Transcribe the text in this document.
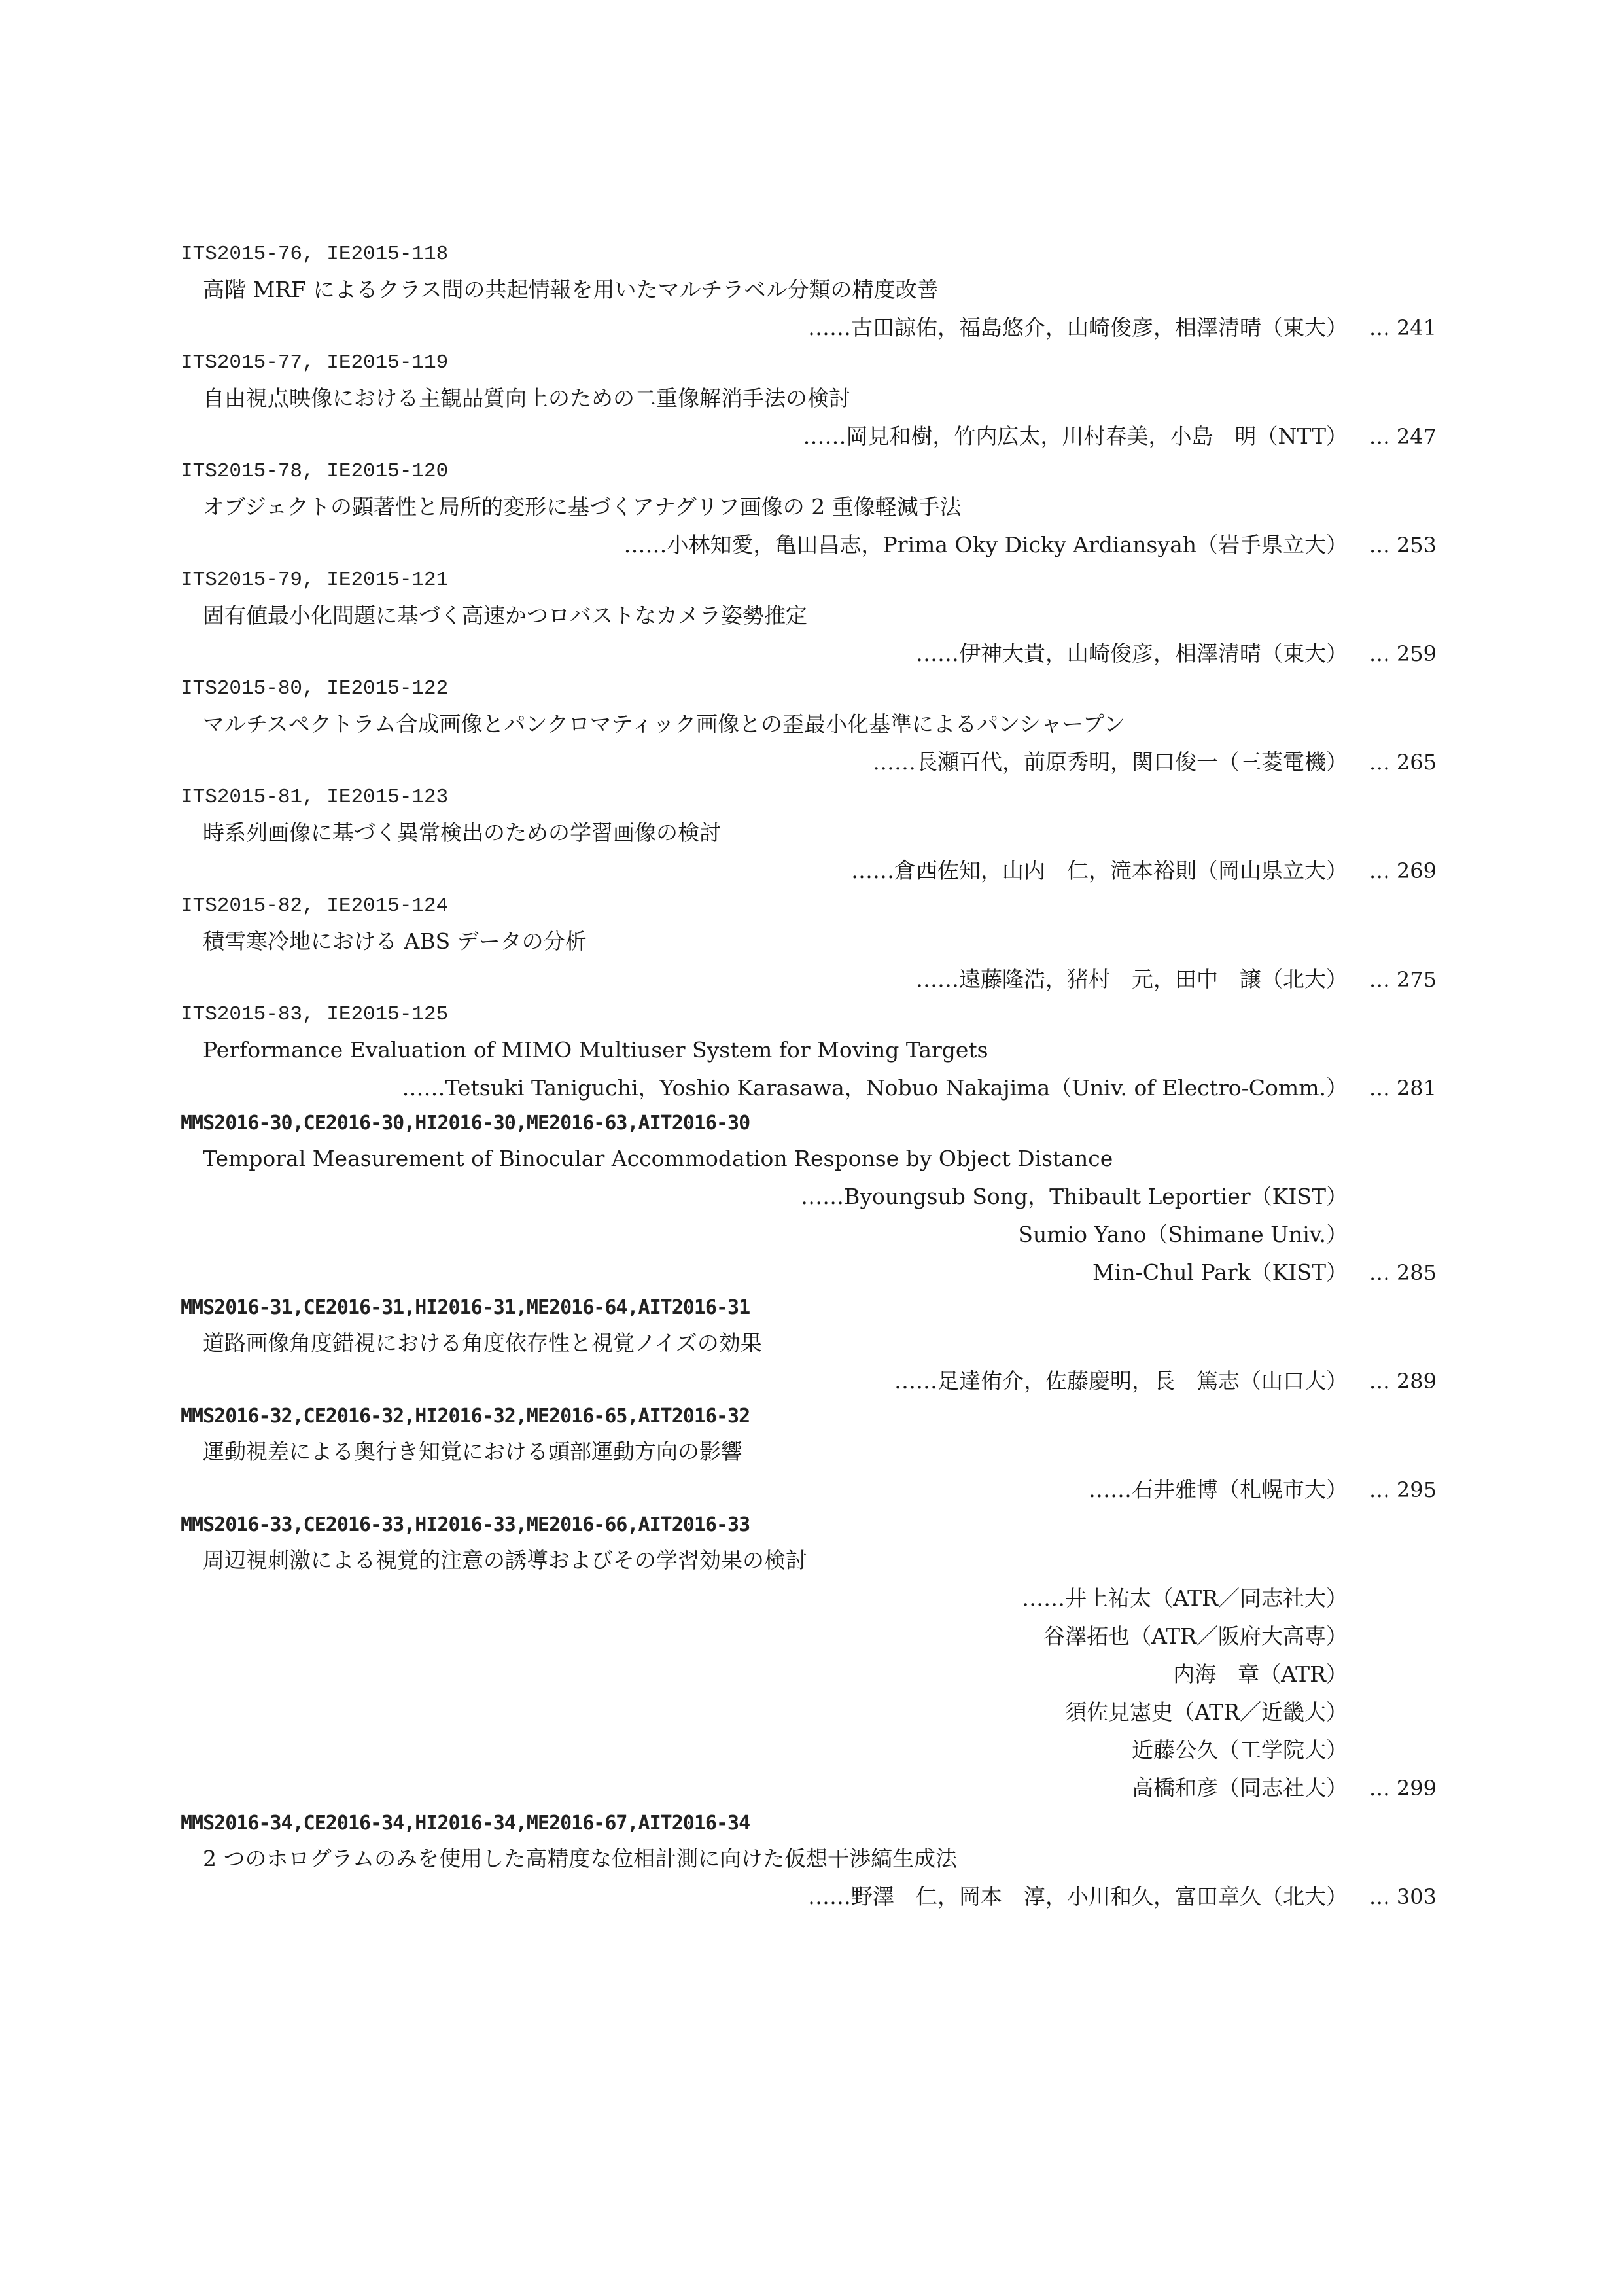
ITS2015-76, IE2015-118
高階 MRF によるクラス間の共起情報を用いたマルチラベル分類の精度改善
……古田諒佑，福島悠介，山崎俊彦，相澤清晴（東大）	… 241
ITS2015-77, IE2015-119
自由視点映像における主観品質向上のための二重像解消手法の検討
……岡見和樹，竹内広太，川村春美，小島　明（NTT）	… 247
ITS2015-78, IE2015-120
オブジェクトの顕著性と局所的変形に基づくアナグリフ画像の 2 重像軽減手法
……小林知愛，亀田昌志，Prima Oky Dicky Ardiansyah（岩手県立大）	… 253
ITS2015-79, IE2015-121
固有値最小化問題に基づく高速かつロバストなカメラ姿勢推定
……伊神大貴，山崎俊彦，相澤清晴（東大）	… 259
ITS2015-80, IE2015-122
マルチスペクトラム合成画像とパンクロマティック画像との歪最小化基準によるパンシャープン
……長瀬百代，前原秀明，関口俊一（三菱電機）	… 265
ITS2015-81, IE2015-123
時系列画像に基づく異常検出のための学習画像の検討
……倉西佐知，山内　仁，滝本裕則（岡山県立大）	… 269
ITS2015-82, IE2015-124
積雪寒冷地における ABS データの分析
……遠藤隆浩，猪村　元，田中　譲（北大）	… 275
ITS2015-83, IE2015-125
Performance Evaluation of MIMO Multiuser System for Moving Targets
……Tetsuki Taniguchi，Yoshio Karasawa，Nobuo Nakajima（Univ. of Electro-Comm.）	… 281
MMS2016-30,CE2016-30,HI2016-30,ME2016-63,AIT2016-30
Temporal Measurement of Binocular Accommodation Response by Object Distance
……Byoungsub Song，Thibault Leportier（KIST）
Sumio Yano（Shimane Univ.）
Min-Chul Park（KIST）	… 285
MMS2016-31,CE2016-31,HI2016-31,ME2016-64,AIT2016-31
道路画像角度錯視における角度依存性と視覚ノイズの効果
……足達侑介，佐藤慶明，長　篤志（山口大）	… 289
MMS2016-32,CE2016-32,HI2016-32,ME2016-65,AIT2016-32
運動視差による奥行き知覚における頭部運動方向の影響
……石井雅博（札幌市大）	… 295
MMS2016-33,CE2016-33,HI2016-33,ME2016-66,AIT2016-33
周辺視刺激による視覚的注意の誘導およびその学習効果の検討
……井上祐太（ATR／同志社大）
谷澤拓也（ATR／阪府大高専）
内海　章（ATR）
須佐見憲史（ATR／近畿大）
近藤公久（工学院大）
高橋和彦（同志社大）	… 299
MMS2016-34,CE2016-34,HI2016-34,ME2016-67,AIT2016-34
2 つのホログラムのみを使用した高精度な位相計測に向けた仮想干渉縞生成法
……野澤　仁，岡本　淳，小川和久，富田章久（北大）	… 303
